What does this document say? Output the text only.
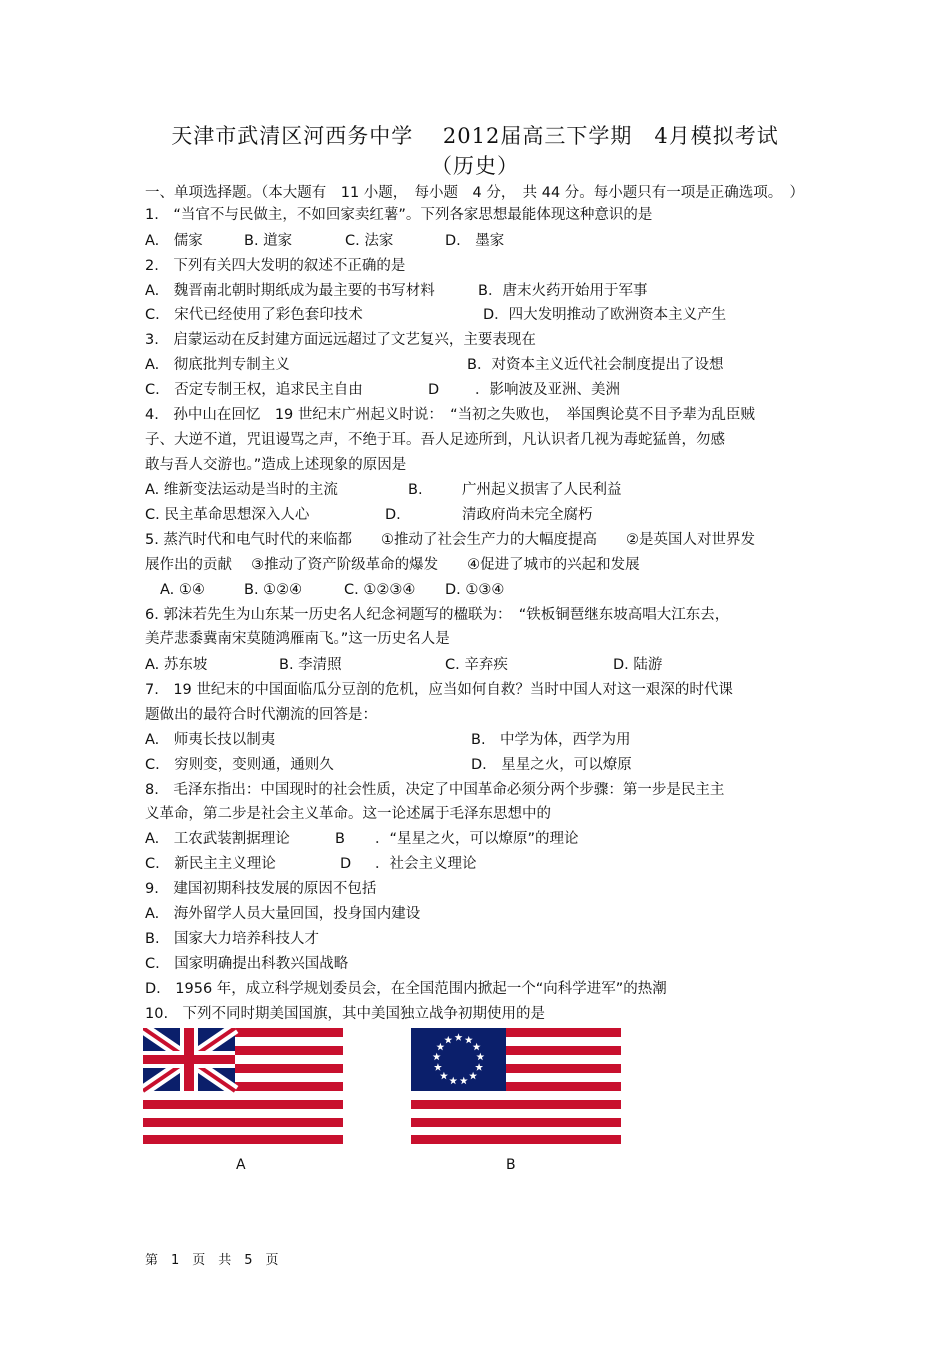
天津市武清区河西务中学　 2012届高三下学期　4月模拟考试
（历史）
一、单项选择题。（本大题有　11 小题，　每小题　4 分，　共 44 分。每小题只有一项是正确选项。　）
1.　“当官不与民做主，不如回家卖红薯”。下列各家思想最能体现这种意识的是

A.　儒家

	B. 道家

	C. 法家

	D.　墨家

2.　下列有关四大发明的叙述不正确的是

A.　魏晋南北朝时期纸成为最主要的书写材料

	B．唐末火药开始用于军事

C.　宋代已经使用了彩色套印技术

	D．四大发明推动了欧洲资本主义产生

3.　启蒙运动在反封建方面远远超过了文艺复兴，主要表现在

A.　彻底批判专制主义

	B．对资本主义近代社会制度提出了设想

C.　否定专制王权，追求民主自由

	D

．影响波及亚洲、美洲

4.　孙中山在回忆　19 世纪末广州起义时说：　“当初之失败也，　举国舆论莫不目予辈为乱臣贼
子、大逆不道，咒诅谩骂之声，不绝于耳。吾人足迹所到，凡认识者几视为毒蛇猛兽，勿感
敢与吾人交游也。”造成上述现象的原因是

A. 维新变法运动是当时的主流

	B.

	广州起义损害了人民利益

C. 民主革命思想深入人心

	D.

	清政府尚未完全腐朽

5. 蒸汽时代和电气时代的来临都　　①推动了社会生产力的大幅度提高　　②是英国人对世界发
展作出的贡献　 ③推动了资产阶级革命的爆发　　④促进了城市的兴起和发展

A. ①④

	B. ①②④

	C. ①②③④

D. ①③④

6. 郭沫若先生为山东某一历史名人纪念祠题写的楹联为：　“铁板铜琶继东坡高唱大江东去，
美芹悲黍冀南宋莫随鸿雁南飞。”这一历史名人是

A. 苏东坡

	B. 李清照

	C. 辛弃疾

	D. 陆游

7.　19 世纪末的中国面临瓜分豆剖的危机，应当如何自救？当时中国人对这一艰深的时代课
题做出的最符合时代潮流的回答是：

A.　师夷长技以制夷

	B.　中学为体，西学为用

C.　穷则变，变则通，通则久

	D.　星星之火，可以燎原

8.　毛泽东指出：中国现时的社会性质，决定了中国革命必须分两个步骤：第一步是民主主
义革命，第二步是社会主义革命。这一论述属于毛泽东思想中的

A.　工农武装割据理论

	B

．“星星之火，可以燎原”的理论

C.　新民主主义理论

	D

．社会主义理论

9.　建国初期科技发展的原因不包括
A.　海外留学人员大量回国，投身国内建设
B.　国家大力培养科技人才
C.　国家明确提出科教兴国战略
D.　1956 年，成立科学规划委员会，在全国范围内掀起一个“向科学进军”的热潮
10.　下列不同时期美国国旗，其中美国独立战争初期使用的是
A	B
第　1　页　共　5　页
